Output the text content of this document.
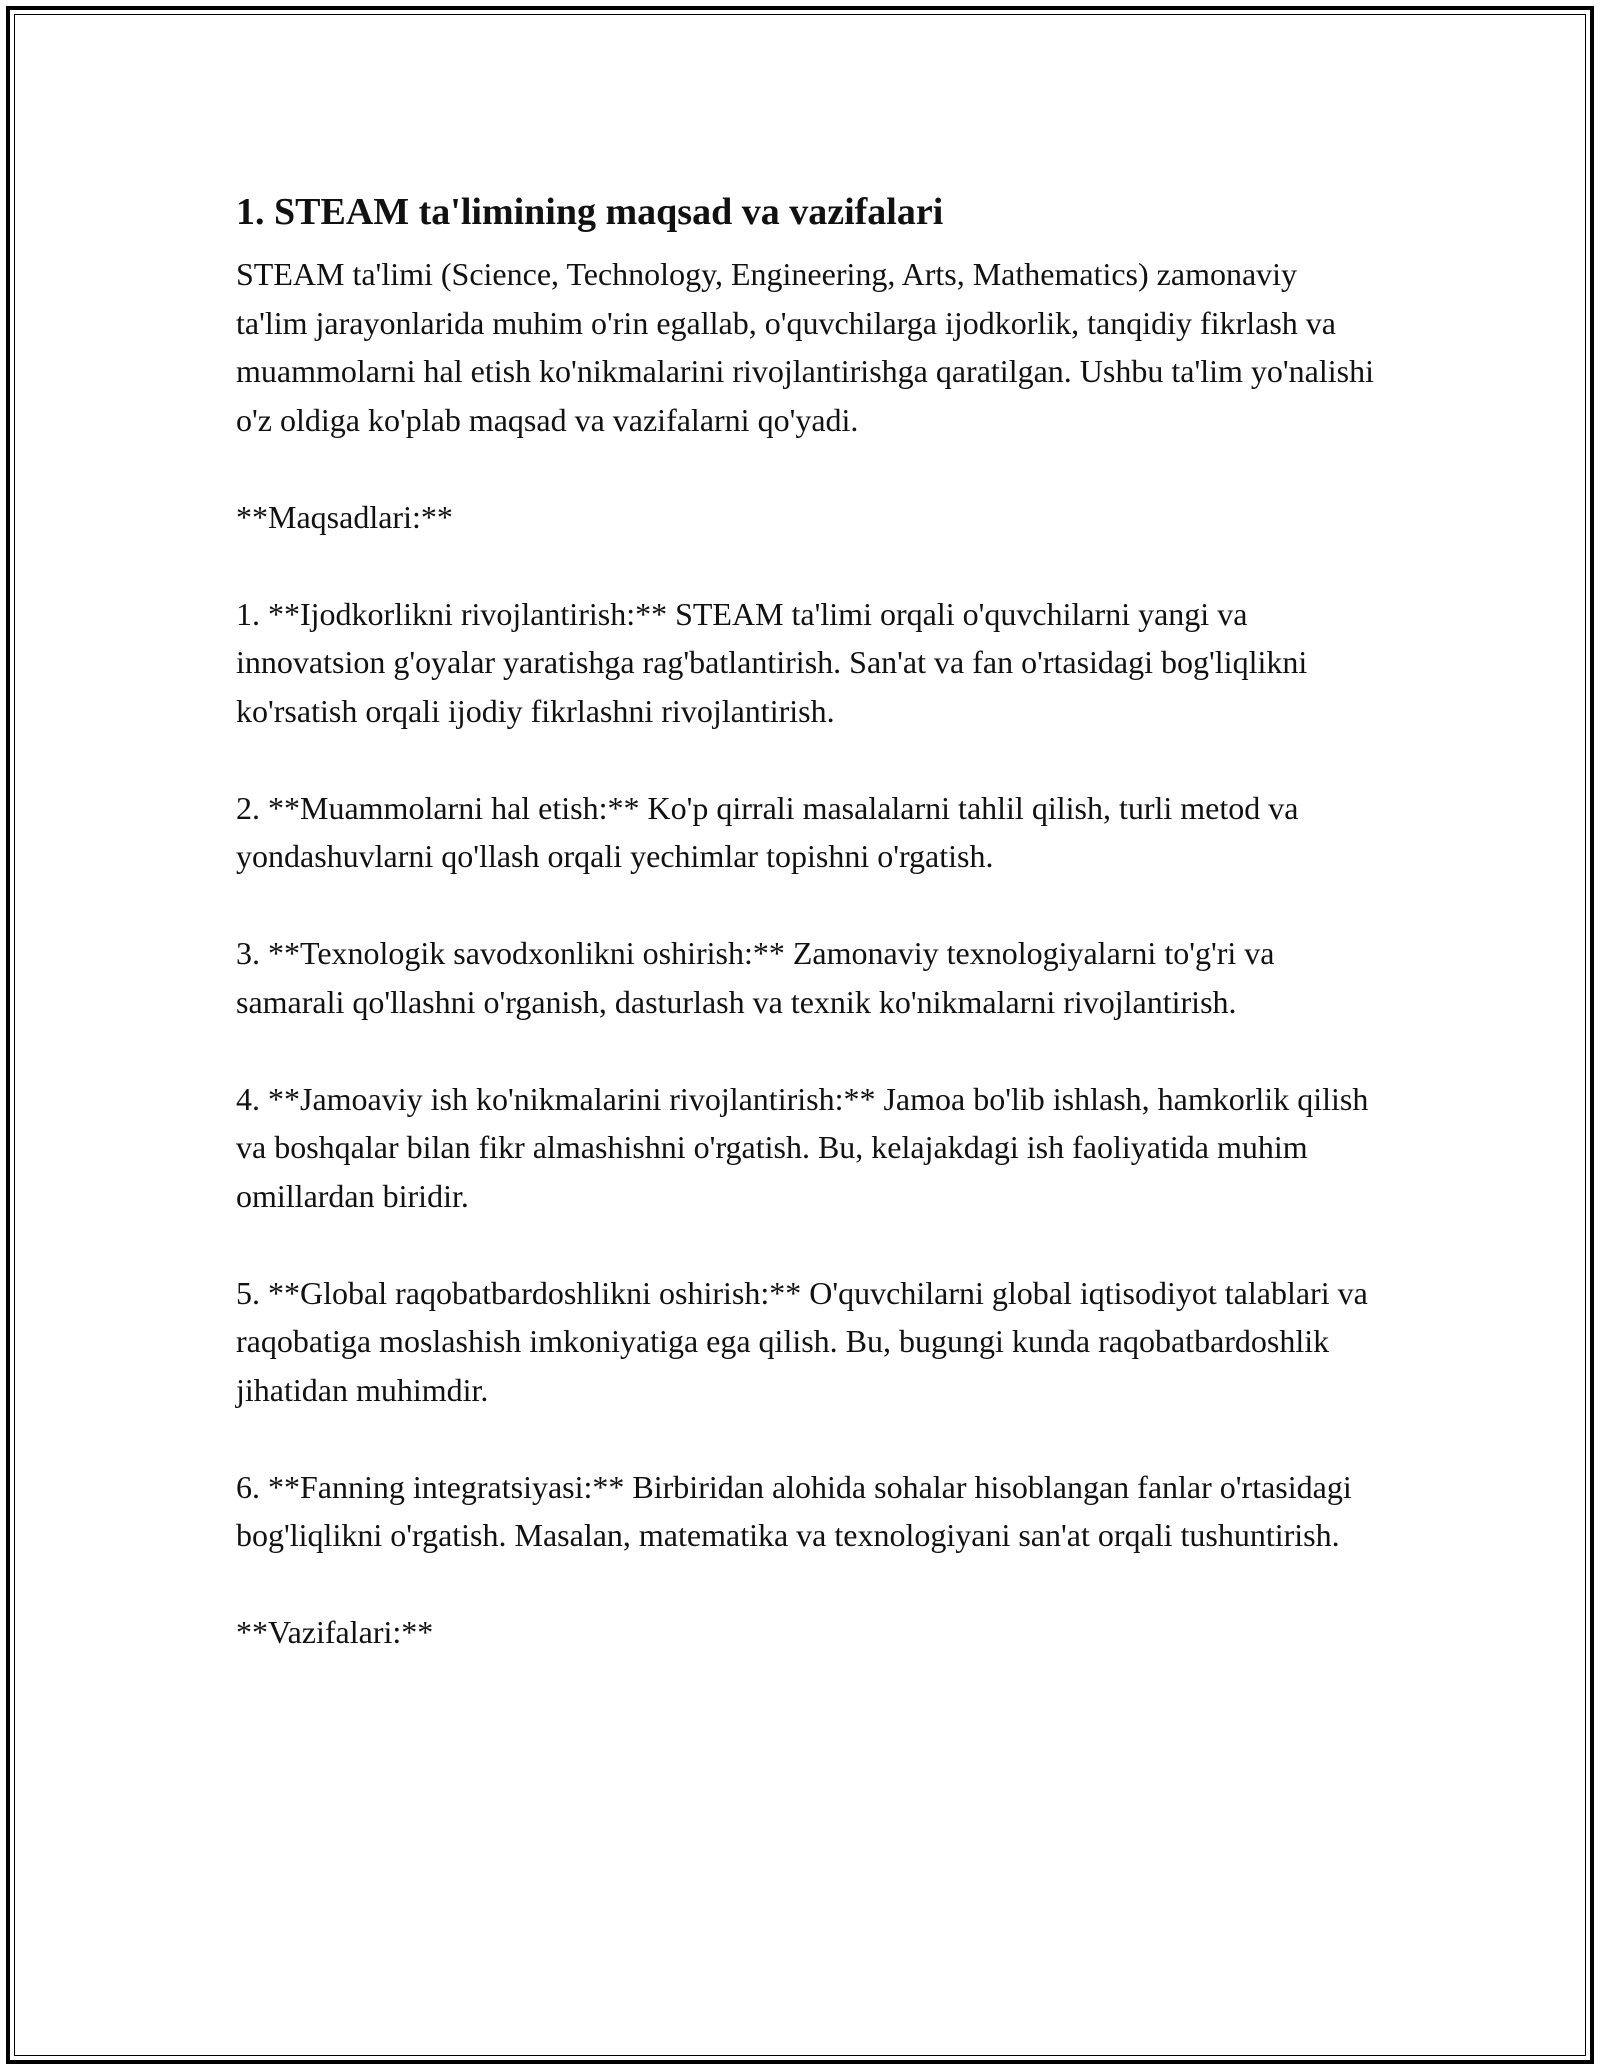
1. STEAM ta'limining maqsad va vazifalari

STEAM ta'limi (Science, Technology, Engineering, Arts, Mathematics) zamonaviy ta'lim jarayonlarida muhim o'rin egallab, o'quvchilarga ijodkorlik, tanqidiy fikrlash va muammolarni hal etish ko'nikmalarini rivojlantirishga qaratilgan. Ushbu ta'lim yo'nalishi o'z oldiga ko'plab maqsad va vazifalarni qo'yadi.

**Maqsadlari:**

1. **Ijodkorlikni rivojlantirish:** STEAM ta'limi orqali o'quvchilarni yangi va innovatsion g'oyalar yaratishga rag'batlantirish. San'at va fan o'rtasidagi bog'liqlikni ko'rsatish orqali ijodiy fikrlashni rivojlantirish.

2. **Muammolarni hal etish:** Ko'p qirrali masalalarni tahlil qilish, turli metod va yondashuvlarni qo'llash orqali yechimlar topishni o'rgatish.

3. **Texnologik savodxonlikni oshirish:** Zamonaviy texnologiyalarni to'g'ri va samarali qo'llashni o'rganish, dasturlash va texnik ko'nikmalarni rivojlantirish.

4. **Jamoaviy ish ko'nikmalarini rivojlantirish:** Jamoa bo'lib ishlash, hamkorlik qilish va boshqalar bilan fikr almashishni o'rgatish. Bu, kelajakdagi ish faoliyatida muhim omillardan biridir.

5. **Global raqobatbardoshlikni oshirish:** O'quvchilarni global iqtisodiyot talablari va raqobatiga moslashish imkoniyatiga ega qilish. Bu, bugungi kunda raqobatbardoshlik jihatidan muhimdir.

6. **Fanning integratsiyasi:** Birbiridan alohida sohalar hisoblangan fanlar o'rtasidagi bog'liqlikni o'rgatish. Masalan, matematika va texnologiyani san'at orqali tushuntirish.

**Vazifalari:**
